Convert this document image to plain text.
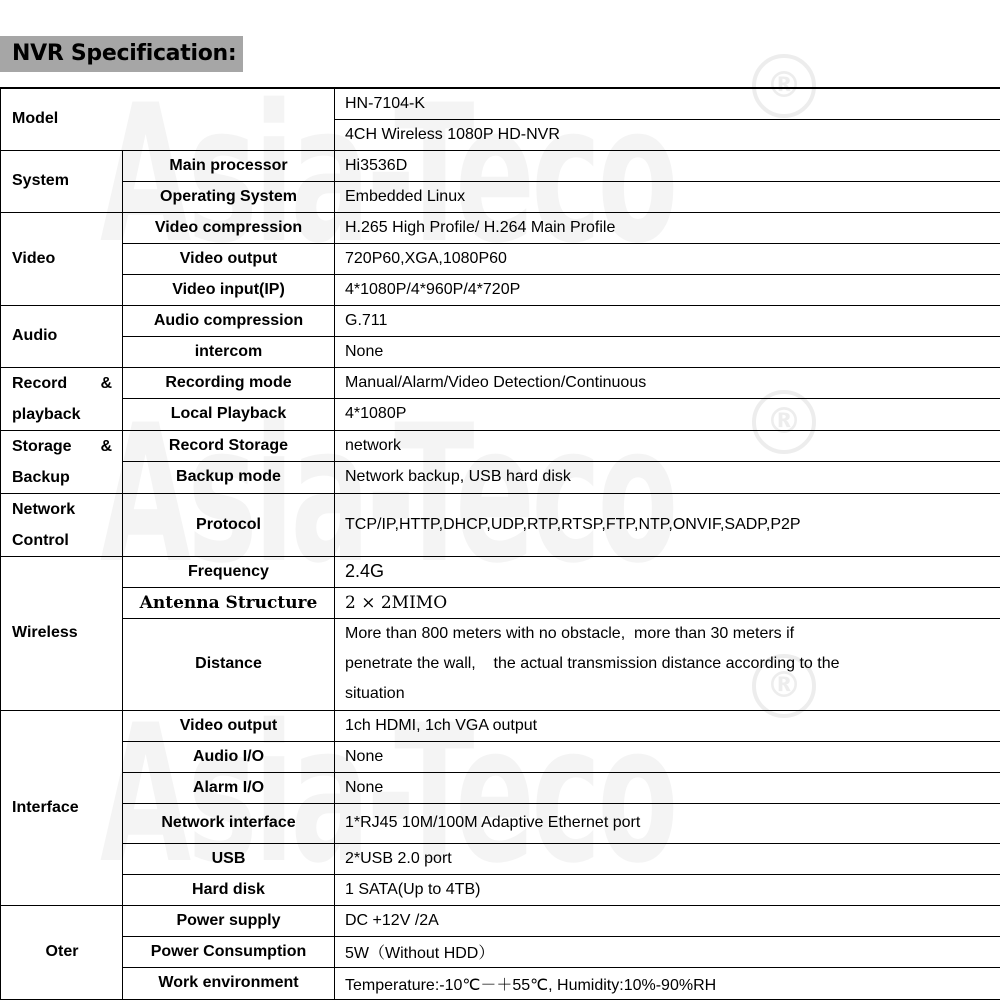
NVR Specification:
®
®
®
Model		HN-7104-K
		4CH Wireless 1080P HD-NVR
System	Main processor	Hi3536D
	Operating System	Embedded Linux
Video	Video compression	H.265 High Profile/ H.264 Main Profile
	Video output	720P60,XGA,1080P60
	Video input(IP)	4*1080P/4*960P/4*720P
Audio	Audio compression	G.711
	intercom	None

Record &
playback	Recording mode	Manual/Alarm/Video Detection/Continuous
	Local Playback	4*1080P

Storage &
Backup	Record Storage	network
	Backup mode	Network backup, USB hard disk

Network
Control	Protocol	TCP/IP,HTTP,DHCP,UDP,RTP,RTSP,FTP,NTP,ONVIF,SADP,P2P
Wireless	Frequency	2.4G
	Antenna Structure	2 × 2MIMO
	Distance	More than 800 meters with no obstacle,  more than 30 meters if
penetrate the wall,    the actual transmission distance according to the
situation

Interface	Video output	1ch HDMI, 1ch VGA output
	Audio I/O	None
	Alarm I/O	None
	Network interface	1*RJ45 10M/100M Adaptive Ethernet port
	USB	2*USB 2.0 port
	Hard disk	1 SATA(Up to 4TB)
Oter	Power supply	DC +12V /2A
	Power Consumption	5W（Without HDD）
	Work environment	Temperature:-10℃－＋55℃, Humidity:10%-90%RH
